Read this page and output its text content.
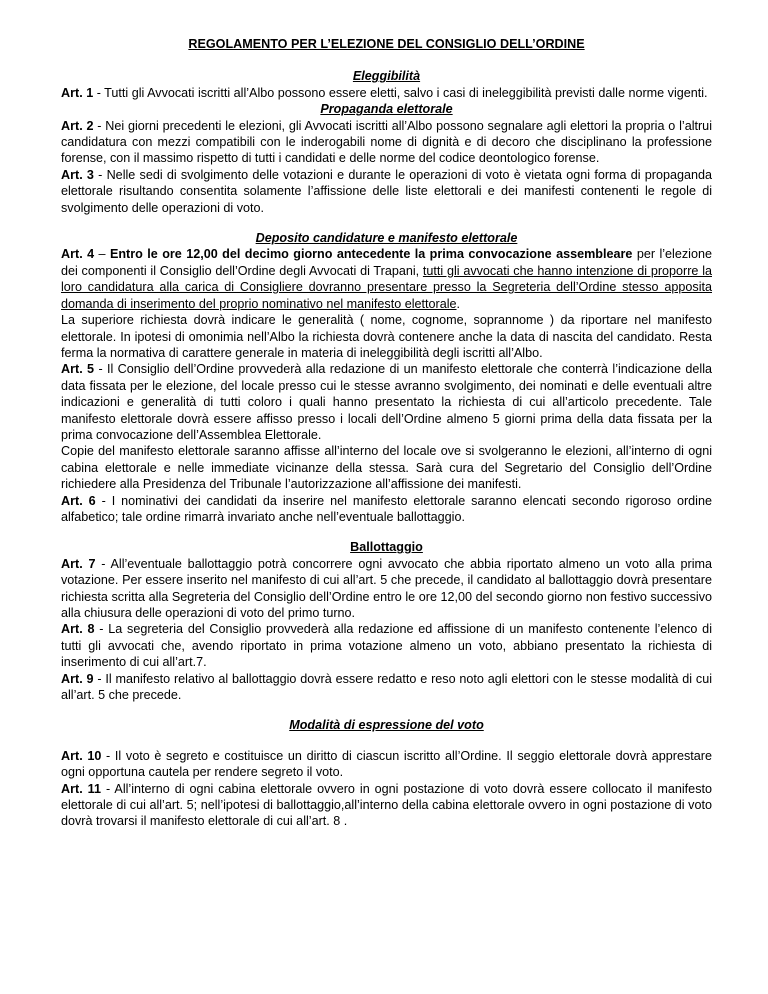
REGOLAMENTO PER L’ELEZIONE DEL CONSIGLIO DELL’ORDINE
Eleggibilità

Art. 1 - Tutti gli Avvocati iscritti all’Albo possono essere eletti, salvo i casi di ineleggibilità previsti dalle norme vigenti.

Propaganda elettorale

Art. 2 - Nei giorni precedenti le elezioni, gli Avvocati iscritti all’Albo possono segnalare agli elettori la propria o l’altrui candidatura con mezzi compatibili con le inderogabili nome di dignità e di decoro che disciplinano la professione forense, con il massimo rispetto di tutti i candidati e delle norme del codice deontologico forense.

Art. 3 - Nelle sedi di svolgimento delle votazioni e durante le operazioni di voto è vietata ogni forma di propaganda elettorale risultando consentita solamente l’affissione delle liste elettorali e dei manifesti contenenti le regole di svolgimento delle operazioni di voto.

Deposito candidature e manifesto elettorale

Art. 4 – Entro le ore 12,00 del decimo giorno antecedente la prima convocazione assembleare per l’elezione dei componenti il Consiglio dell’Ordine degli Avvocati di Trapani, tutti gli avvocati che hanno intenzione di proporre la loro candidatura alla carica di Consigliere dovranno presentare presso la Segreteria dell’Ordine stesso apposita domanda di inserimento del proprio nominativo nel manifesto elettorale.

La superiore richiesta dovrà indicare le generalità ( nome, cognome, soprannome ) da riportare nel manifesto elettorale. In ipotesi di omonimia nell’Albo la richiesta dovrà contenere anche la data di nascita del candidato. Resta ferma la normativa di carattere generale in materia di ineleggibilità degli iscritti all’Albo.

Art. 5 - Il Consiglio dell’Ordine provvederà alla redazione di un manifesto elettorale che conterrà l’indicazione della data fissata per le elezione, del locale presso cui le stesse avranno svolgimento, dei nominati e delle eventuali altre indicazioni e generalità di tutti coloro i quali hanno presentato la richiesta di cui all’articolo precedente. Tale manifesto elettorale dovrà essere affisso presso i locali dell’Ordine almeno 5 giorni prima della data fissata per la prima convocazione dell’Assemblea Elettorale.

Copie del manifesto elettorale saranno affisse all’interno del locale ove si svolgeranno le elezioni, all’interno di ogni cabina elettorale e nelle immediate vicinanze della stessa. Sarà cura del Segretario del Consiglio dell’Ordine richiedere alla Presidenza del Tribunale l’autorizzazione all’affissione dei manifesti.

Art. 6 - I nominativi dei candidati da inserire nel manifesto elettorale saranno elencati secondo rigoroso ordine alfabetico; tale ordine rimarrà invariato anche nell’eventuale ballottaggio.

Ballottaggio

Art. 7 - All’eventuale ballottaggio potrà concorrere ogni avvocato che abbia riportato almeno un voto alla prima votazione. Per essere inserito nel manifesto di cui all’art. 5 che precede, il candidato al ballottaggio dovrà presentare richiesta scritta alla Segreteria del Consiglio dell’Ordine entro le ore 12,00 del secondo giorno non festivo successivo alla chiusura delle operazioni di voto del primo turno.

Art. 8 - La segreteria del Consiglio provvederà alla redazione ed affissione di un manifesto contenente l’elenco di tutti gli avvocati che, avendo riportato in prima votazione almeno un voto, abbiano presentato la richiesta di inserimento di cui all’art.7.

Art. 9 - Il manifesto relativo al ballottaggio dovrà essere redatto e reso noto agli elettori con le stesse modalità di cui all’art. 5 che precede.

Modalità di espressione del voto

Art. 10 - Il voto è segreto e costituisce un diritto di ciascun iscritto all’Ordine. Il seggio elettorale dovrà apprestare ogni opportuna cautela per rendere segreto il voto.

Art. 11 - All’interno di ogni cabina elettorale ovvero in ogni postazione di voto dovrà essere collocato il manifesto elettorale di cui all’art. 5; nell’ipotesi di ballottaggio,all’interno della cabina elettorale ovvero in ogni postazione di voto dovrà trovarsi il manifesto elettorale di cui all’art. 8 .
